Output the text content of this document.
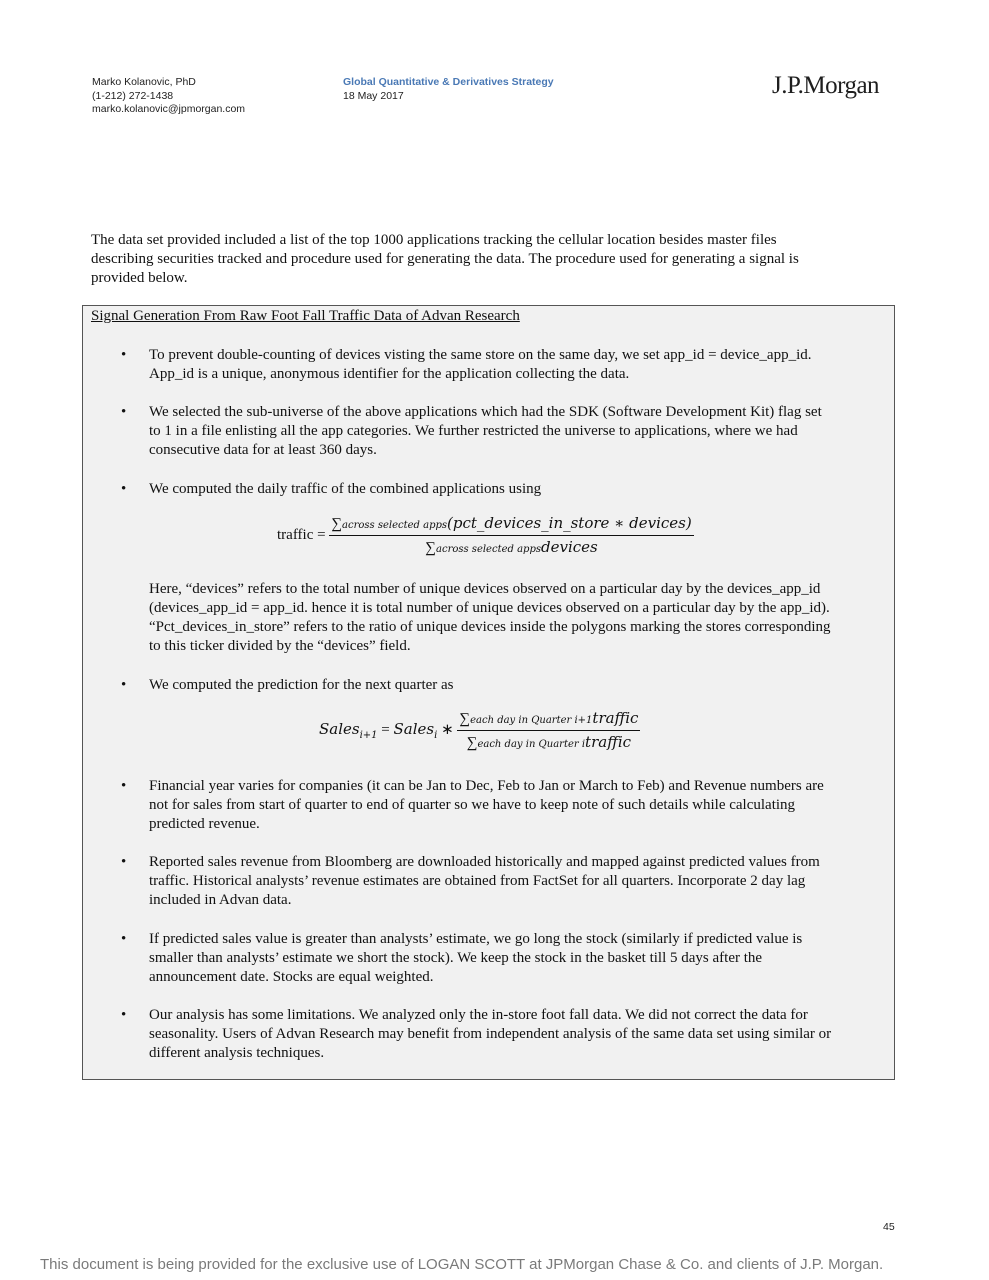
Marko Kolanovic, PhD
(1-212) 272-1438
marko.kolanovic@jpmorgan.com
Global Quantitative & Derivatives Strategy
18 May 2017	J.P.Morgan
The data set provided included a list of the top 1000 applications tracking the cellular location besides master files
describing securities tracked and procedure used for generating the data. The procedure used for generating a signal is
provided below.
Signal Generation From Raw Foot Fall Traffic Data of Advan Research
• To prevent double-counting of devices visting the same store on the same day, we set app_id = device_app_id.
App_id is a unique, anonymous identifier for the application collecting the data.
• We selected the sub-universe of the above applications which had the SDK (Software Development Kit) flag set
to 1 in a file enlisting all the app categories. We further restricted the universe to applications, where we had
consecutive data for at least 360 days.
• We computed the daily traffic of the combined applications using
traffic = $\frac{\text{∑across selected apps(pct\_devices\_in\_store ∗ devices)}}{\text{∑across selected appsdevices}}$
Here, “devices” refers to the total number of unique devices observed on a particular day by the devices_app_id
(devices_app_id = app_id. hence it is total number of unique devices observed on a particular day by the app_id).
“Pct_devices_in_store” refers to the ratio of unique devices inside the polygons marking the stores corresponding
to this ticker divided by the “devices” field.
• We computed the prediction for the next quarter as
Sales$_{i+1}$ = Sales$_i$ ∗ $\frac{\text{∑each day in Quarter i+1traffic}}{\text{∑each day in Quarter itraffic}}$
• Financial year varies for companies (it can be Jan to Dec, Feb to Jan or March to Feb) and Revenue numbers are
not for sales from start of quarter to end of quarter so we have to keep note of such details while calculating
predicted revenue.
• Reported sales revenue from Bloomberg are downloaded historically and mapped against predicted values from
traffic. Historical analysts’ revenue estimates are obtained from FactSet for all quarters. Incorporate 2 day lag
included in Advan data.
• If predicted sales value is greater than analysts’ estimate, we go long the stock (similarly if predicted value is
smaller than analysts’ estimate we short the stock). We keep the stock in the basket till 5 days after the
announcement date. Stocks are equal weighted.
• Our analysis has some limitations. We analyzed only the in-store foot fall data. We did not correct the data for
seasonality. Users of Advan Research may benefit from independent analysis of the same data set using similar or
different analysis techniques.
45
This document is being provided for the exclusive use of LOGAN SCOTT at JPMorgan Chase & Co. and clients of J.P. Morgan.
